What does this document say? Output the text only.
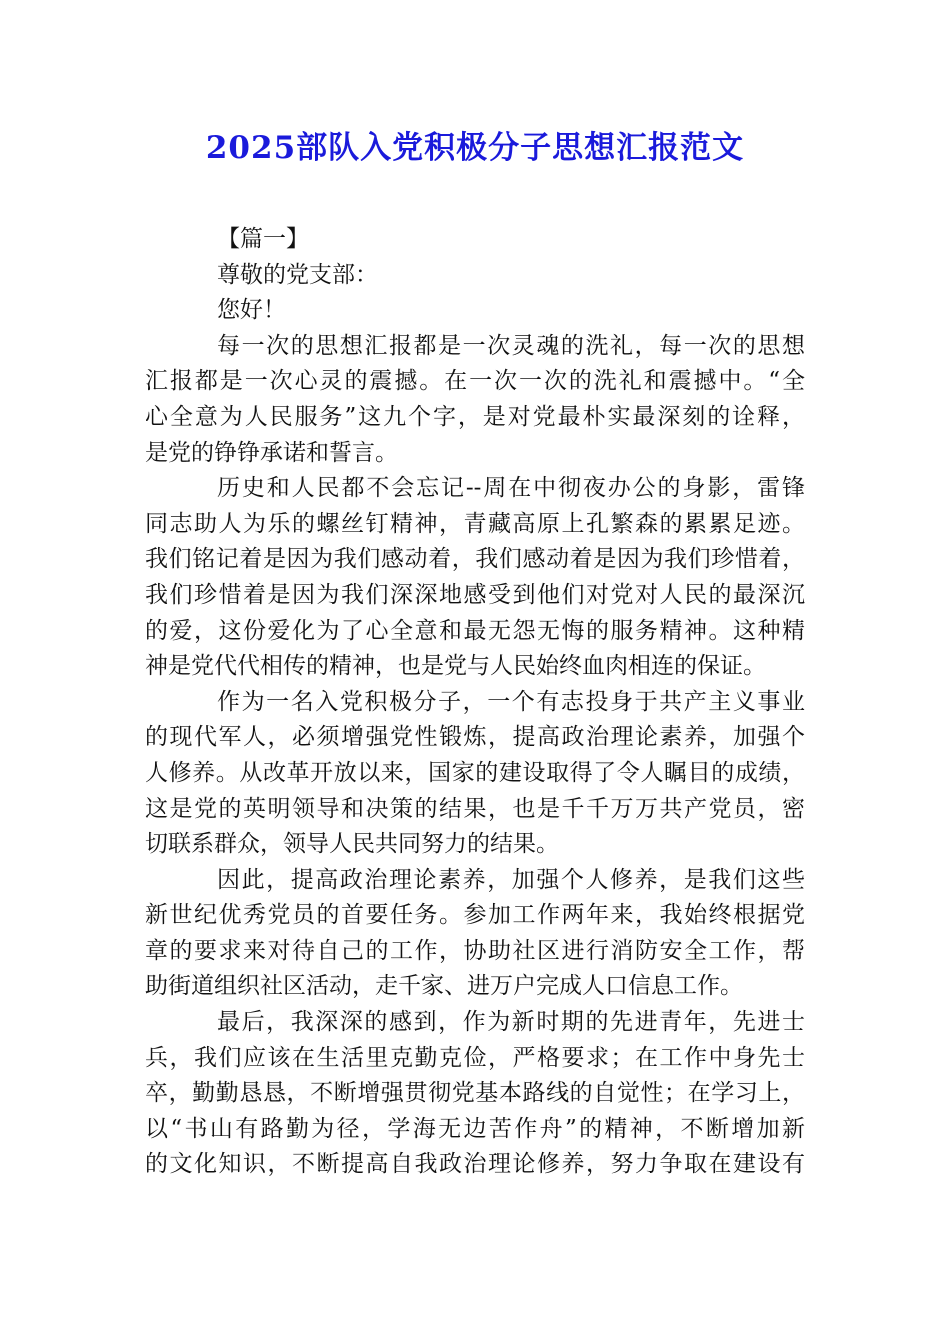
2025部队入党积极分子思想汇报范文
【篇一】
尊敬的党支部：
您好！
每一次的思想汇报都是一次灵魂的洗礼，每一次的思想
汇报都是一次心灵的震撼。在一次一次的洗礼和震撼中。“全
心全意为人民服务”这九个字，是对党最朴实最深刻的诠释，
是党的铮铮承诺和誓言。
历史和人民都不会忘记--周在中彻夜办公的身影，雷锋
同志助人为乐的螺丝钉精神，青藏高原上孔繁森的累累足迹。
我们铭记着是因为我们感动着，我们感动着是因为我们珍惜着，
我们珍惜着是因为我们深深地感受到他们对党对人民的最深沉
的爱，这份爱化为了心全意和最无怨无悔的服务精神。这种精
神是党代代相传的精神，也是党与人民始终血肉相连的保证。
作为一名入党积极分子，一个有志投身于共产主义事业
的现代军人，必须增强党性锻炼，提高政治理论素养，加强个
人修养。从改革开放以来，国家的建设取得了令人瞩目的成绩，
这是党的英明领导和决策的结果，也是千千万万共产党员，密
切联系群众，领导人民共同努力的结果。
因此，提高政治理论素养，加强个人修养，是我们这些
新世纪优秀党员的首要任务。参加工作两年来，我始终根据党
章的要求来对待自己的工作，协助社区进行消防安全工作，帮
助街道组织社区活动，走千家、进万户完成人口信息工作。
最后，我深深的感到，作为新时期的先进青年，先进士
兵，我们应该在生活里克勤克俭，严格要求；在工作中身先士
卒，勤勤恳恳，不断增强贯彻党基本路线的自觉性；在学习上，
以“书山有路勤为径，学海无边苦作舟”的精神，不断增加新
的文化知识，不断提高自我政治理论修养，努力争取在建设有
